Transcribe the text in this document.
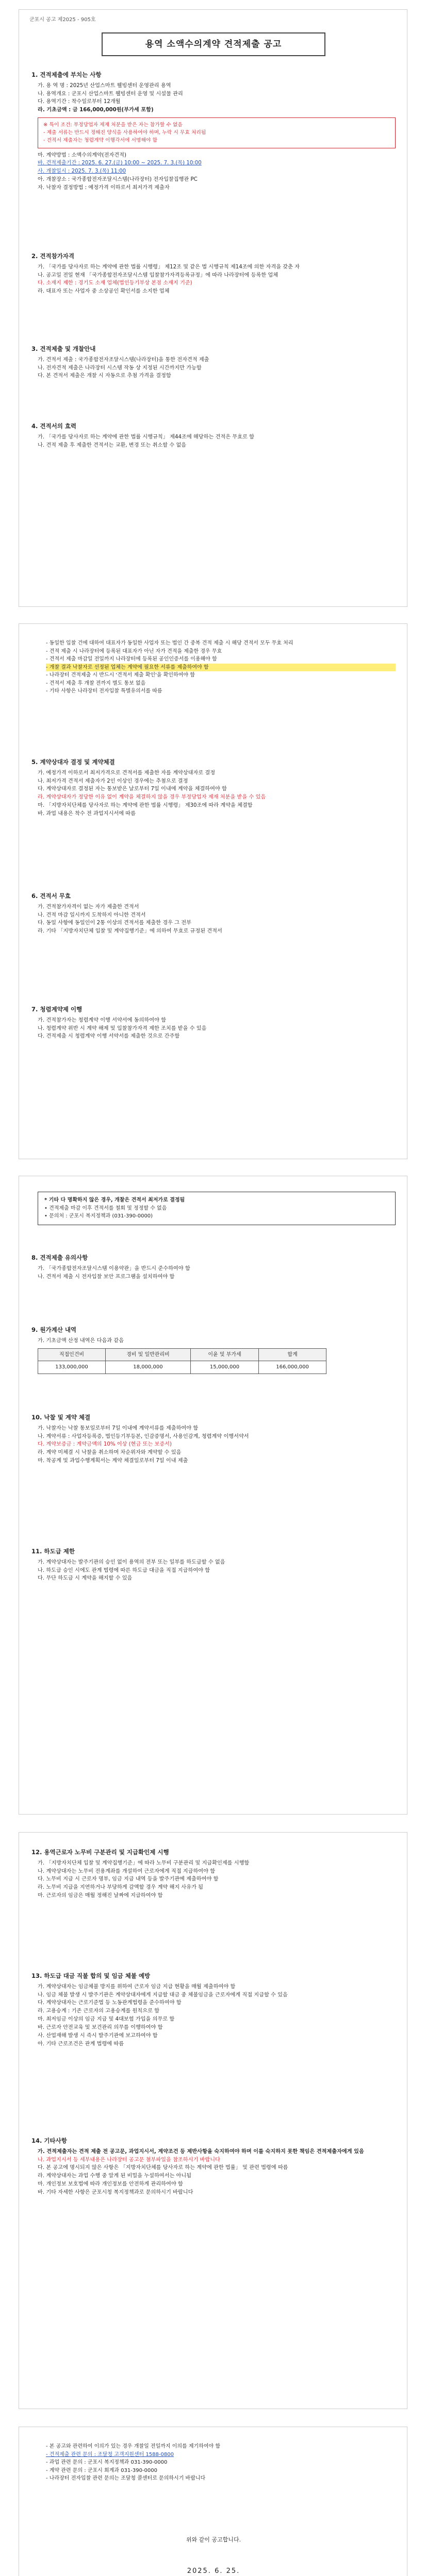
군포시 공고 제2025 - 905호
용역 소액수의계약 견적제출 공고
1. 견적제출에 부치는 사항
가. 용 역 명 : 2025년 산업스마트 웰빙센터 운영관리 용역
나. 용역개요 : 군포시 산업스마트 웰빙센터 운영 및 시설물 관리
다. 용역기간 : 착수일로부터 12개월
라. 기초금액 : 금 166,000,000원(부가세 포함)
※ 특이 조건: 부정당업자 제재 처분을 받은 자는 참가할 수 없음
- 제출 서류는 반드시 정해진 양식을 사용하여야 하며, 누락 시 무효 처리됨
- 견적서 제출자는 청렴계약 이행각서에 서명해야 함
마. 계약방법 : 소액수의계약(전자견적)
바. 견적제출기간 : 2025. 6. 27.(금) 10:00 ~ 2025. 7. 3.(목) 10:00
사. 개찰일시 : 2025. 7. 3.(목) 11:00
아. 개찰장소 : 국가종합전자조달시스템(나라장터) 전자입찰집행관 PC
자. 낙찰자 결정방법 : 예정가격 이하로서 최저가격 제출자
2. 견적참가자격
가. 「국가를 당사자로 하는 계약에 관한 법률 시행령」 제12조 및 같은 법 시행규칙 제14조에 의한 자격을 갖춘 자
나. 공고일 전일 현재 「국가종합전자조달시스템 입찰참가자격등록규정」에 따라 나라장터에 등록한 업체
다. 소재지 제한 : 경기도 소재 업체(법인등기부상 본점 소재지 기준)
라. 대표자 또는 사업자 중 소상공인 확인서를 소지한 업체
3. 견적제출 및 개찰안내
가. 견적서 제출 : 국가종합전자조달시스템(나라장터)을 통한 전자견적 제출
나. 전자견적 제출은 나라장터 시스템 작동 상 지정된 시간까지만 가능함
다. 본 견적서 제출은 개찰 시 자동으로 추첨 가격을 결정함
4. 견적서의 효력
가. 「국가를 당사자로 하는 계약에 관한 법률 시행규칙」 제44조에 해당하는 견적은 무효로 함
나. 견적 제출 후 제출한 견적서는 교환, 변경 또는 취소할 수 없음
- 동일한 입찰 건에 대하여 대표자가 동일한 사업자 또는 법인 간 중복 견적 제출 시 해당 견적서 모두 무효 처리
- 견적 제출 시 나라장터에 등록된 대표자가 아닌 자가 견적을 제출한 경우 무효
- 견적서 제출 마감일 전일까지 나라장터에 등록된 공인인증서를 이용해야 함
- 개찰 결과 낙찰자로 선정된 업체는 계약에 필요한 서류를 제출하여야 함
- 나라장터 견적제출 시 반드시 '견적서 제출 확인'을 확인하여야 함
- 견적서 제출 후 개찰 전까지 별도 통보 없음
- 기타 사항은 나라장터 전자입찰 특별유의서를 따름
5. 계약상대자 결정 및 계약체결
가. 예정가격 이하로서 최저가격으로 견적서를 제출한 자를 계약상대자로 결정
나. 최저가격 견적서 제출자가 2인 이상인 경우에는 추첨으로 결정
다. 계약상대자로 결정된 자는 통보받은 날로부터 7일 이내에 계약을 체결하여야 함
라. 계약상대자가 정당한 이유 없이 계약을 체결하지 않을 경우 부정당업자 제재 처분을 받을 수 있음
마. 「지방자치단체를 당사자로 하는 계약에 관한 법률 시행령」 제30조에 따라 계약을 체결함
바. 과업 내용은 착수 전 과업지시서에 따름
6. 견적서 무효
가. 견적참가자격이 없는 자가 제출한 견적서
나. 견적 마감 일시까지 도착하지 아니한 견적서
다. 동일 사항에 동일인이 2통 이상의 견적서를 제출한 경우 그 전부
라. 기타 「지방자치단체 입찰 및 계약집행기준」에 의하여 무효로 규정된 견적서
7. 청렴계약제 이행
가. 견적참가자는 청렴계약 이행 서약서에 동의하여야 함
나. 청렴계약 위반 시 계약 해제 및 입찰참가자격 제한 조치를 받을 수 있음
다. 견적제출 시 청렴계약 이행 서약서를 제출한 것으로 간주함
* 기타 다 명확하지 않은 경우, 개찰은 견적서 최저가로 결정됨
• 견적제출 마감 이후 견적서를 철회 및 정정할 수 없음
• 문의처 : 군포시 복지정책과 (031-390-0000)
8. 견적제출 유의사항
가. 「국가종합전자조달시스템 이용약관」을 반드시 준수하여야 함
나. 견적서 제출 시 전자입찰 보안 프로그램을 설치하여야 함
9. 원가계산 내역
가. 기초금액 산정 내역은 다음과 같음
직접인건비	경비 및 일반관리비	이윤 및 부가세	합계
133,000,000	18,000,000	15,000,000	166,000,000
10. 낙찰 및 계약 체결
가. 낙찰자는 낙찰 통보일로부터 7일 이내에 계약서류를 제출하여야 함
나. 계약서류 : 사업자등록증, 법인등기부등본, 인감증명서, 사용인감계, 청렴계약 이행서약서
다. 계약보증금 : 계약금액의 10% 이상 (현금 또는 보증서)
라. 계약 미체결 시 낙찰을 취소하며 차순위자와 계약할 수 있음
마. 착공계 및 과업수행계획서는 계약 체결일로부터 7일 이내 제출
11. 하도급 제한
가. 계약상대자는 발주기관의 승인 없이 용역의 전부 또는 일부를 하도급할 수 없음
나. 하도급 승인 시에도 관계 법령에 따른 하도급 대금을 직접 지급하여야 함
다. 무단 하도급 시 계약을 해지할 수 있음
12. 용역근로자 노무비 구분관리 및 지급확인제 시행
가. 「지방자치단체 입찰 및 계약집행기준」에 따라 노무비 구분관리 및 지급확인제를 시행함
나. 계약상대자는 노무비 전용계좌를 개설하여 근로자에게 직접 지급하여야 함
다. 노무비 지급 시 근로자 명부, 임금 지급 내역 등을 발주기관에 제출하여야 함
라. 노무비 지급을 지연하거나 부당하게 감액할 경우 계약 해지 사유가 됨
마. 근로자의 임금은 매월 정해진 날짜에 지급하여야 함
13. 하도급 대금 직불 합의 및 임금 체불 예방
가. 계약상대자는 임금체불 방지를 위하여 근로자 임금 지급 현황을 매월 제출하여야 함
나. 임금 체불 발생 시 발주기관은 계약상대자에게 지급할 대금 중 체불임금을 근로자에게 직접 지급할 수 있음
다. 계약상대자는 근로기준법 등 노동관계법령을 준수하여야 함
라. 고용승계 : 기존 근로자의 고용승계를 원칙으로 함
마. 최저임금 이상의 임금 지급 및 4대보험 가입을 의무로 함
바. 근로자 안전교육 및 보건관리 의무를 이행하여야 함
사. 산업재해 발생 시 즉시 발주기관에 보고하여야 함
아. 기타 근로조건은 관계 법령에 따름
14. 기타사항
가. 견적제출자는 견적 제출 전 공고문, 과업지시서, 계약조건 등 제반사항을 숙지하여야 하며 이를 숙지하지 못한 책임은 견적제출자에게 있음
나. 과업지시서 등 세부내용은 나라장터 공고문 첨부파일을 참조하시기 바랍니다
다. 본 공고에 명시되지 않은 사항은 「지방자치단체를 당사자로 하는 계약에 관한 법률」 및 관련 법령에 따름
라. 계약상대자는 과업 수행 중 알게 된 비밀을 누설하여서는 아니됨
마. 개인정보 보호법에 따라 개인정보를 안전하게 관리하여야 함
바. 기타 자세한 사항은 군포시청 복지정책과로 문의하시기 바랍니다
- 본 공고와 관련하여 이의가 있는 경우 개찰일 전일까지 이의를 제기하여야 함
- 견적제출 관련 문의 : 조달청 고객지원센터 1588-0800
- 과업 관련 문의 : 군포시 복지정책과 031-390-0000
- 계약 관련 문의 : 군포시 회계과 031-390-0000
- 나라장터 전자입찰 관련 문의는 조달청 콜센터로 문의하시기 바랍니다
위와 같이 공고합니다.
2025. 6. 25.
